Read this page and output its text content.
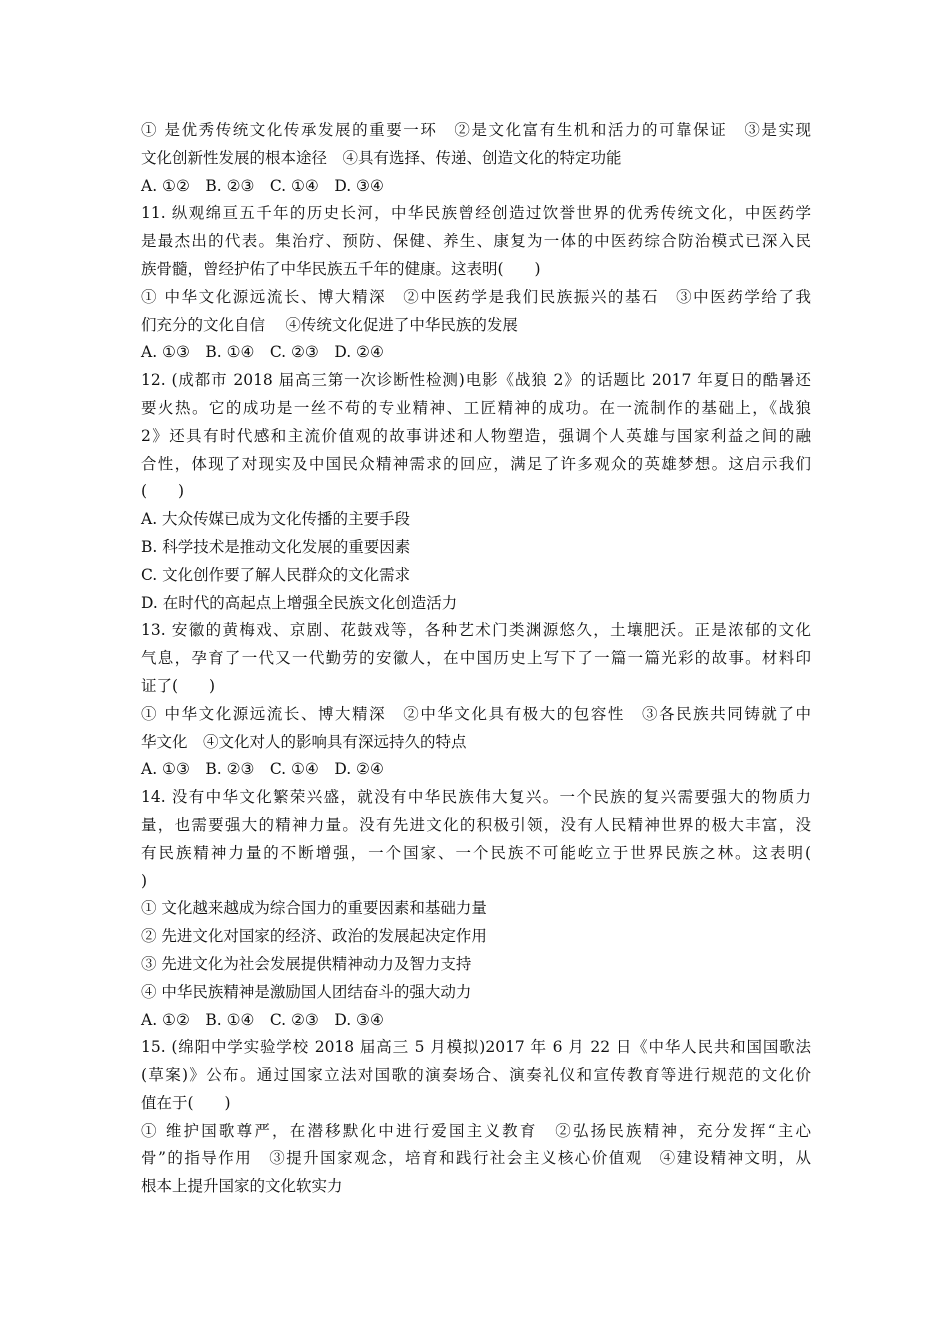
① 是优秀传统文化传承发展的重要一环　②是文化富有生机和活力的可靠保证　③是实现
文化创新性发展的根本途径　④具有选择、传递、创造文化的特定功能
A. ①②　B. ②③　C. ①④　D. ③④
11. 纵观绵亘五千年的历史长河，中华民族曾经创造过饮誉世界的优秀传统文化，中医药学
是最杰出的代表。集治疗、预防、保健、养生、康复为一体的中医药综合防治模式已深入民
族骨髓，曾经护佑了中华民族五千年的健康。这表明(　　)
① 中华文化源远流长、博大精深　②中医药学是我们民族振兴的基石　③中医药学给了我
们充分的文化自信　 ④传统文化促进了中华民族的发展
A. ①③　B. ①④　C. ②③　D. ②④
12. (成都市 2018 届高三第一次诊断性检测)电影《战狼 2》的话题比 2017 年夏日的酷暑还
要火热。它的成功是一丝不苟的专业精神、工匠精神的成功。在一流制作的基础上，《战狼
2》还具有时代感和主流价值观的故事讲述和人物塑造，强调个人英雄与国家利益之间的融
合性，体现了对现实及中国民众精神需求的回应，满足了许多观众的英雄梦想。这启示我们
(　　)
A. 大众传媒已成为文化传播的主要手段
B. 科学技术是推动文化发展的重要因素
C. 文化创作要了解人民群众的文化需求
D. 在时代的高起点上增强全民族文化创造活力
13. 安徽的黄梅戏、京剧、花鼓戏等，各种艺术门类渊源悠久，土壤肥沃。正是浓郁的文化
气息，孕育了一代又一代勤劳的安徽人，在中国历史上写下了一篇一篇光彩的故事。材料印
证了(　　)
① 中华文化源远流长、博大精深　②中华文化具有极大的包容性　③各民族共同铸就了中
华文化　④文化对人的影响具有深远持久的特点
A. ①③　B. ②③　C. ①④　D. ②④
14. 没有中华文化繁荣兴盛，就没有中华民族伟大复兴。一个民族的复兴需要强大的物质力
量，也需要强大的精神力量。没有先进文化的积极引领，没有人民精神世界的极大丰富，没
有民族精神力量的不断增强，一个国家、一个民族不可能屹立于世界民族之林。这表明(
)
① 文化越来越成为综合国力的重要因素和基础力量
② 先进文化对国家的经济、政治的发展起决定作用
③ 先进文化为社会发展提供精神动力及智力支持
④ 中华民族精神是激励国人团结奋斗的强大动力
A. ①②　B. ①④　C. ②③　D. ③④
15. (绵阳中学实验学校 2018 届高三 5 月模拟)2017 年 6 月 22 日《中华人民共和国国歌法
(草案)》公布。通过国家立法对国歌的演奏场合、演奏礼仪和宣传教育等进行规范的文化价
值在于(　　)
① 维护国歌尊严，在潜移默化中进行爱国主义教育　②弘扬民族精神，充分发挥“主心
骨”的指导作用　③提升国家观念，培育和践行社会主义核心价值观　④建设精神文明，从
根本上提升国家的文化软实力
